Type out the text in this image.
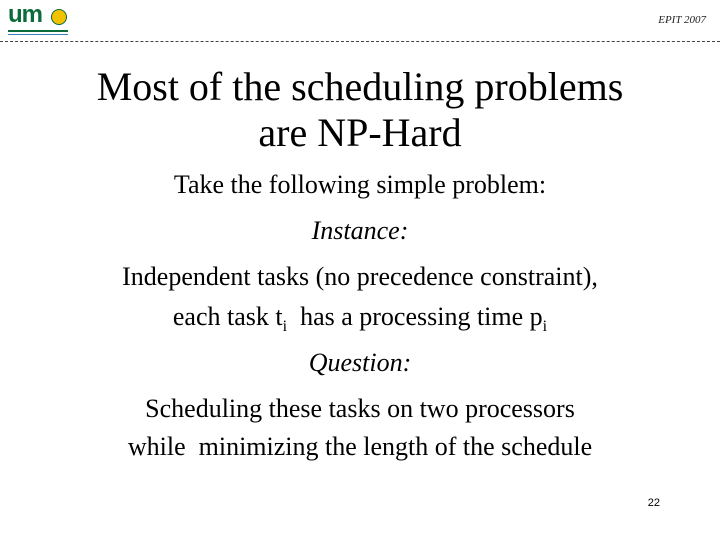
um	EPIT 2007
Most of the scheduling problems
are NP-Hard
Take the following simple problem:
Instance:
Independent tasks (no precedence constraint),
each task $t_i$  has a processing time $p_i$
Question:
Scheduling these tasks on two processors
while  minimizing the length of the schedule
22
